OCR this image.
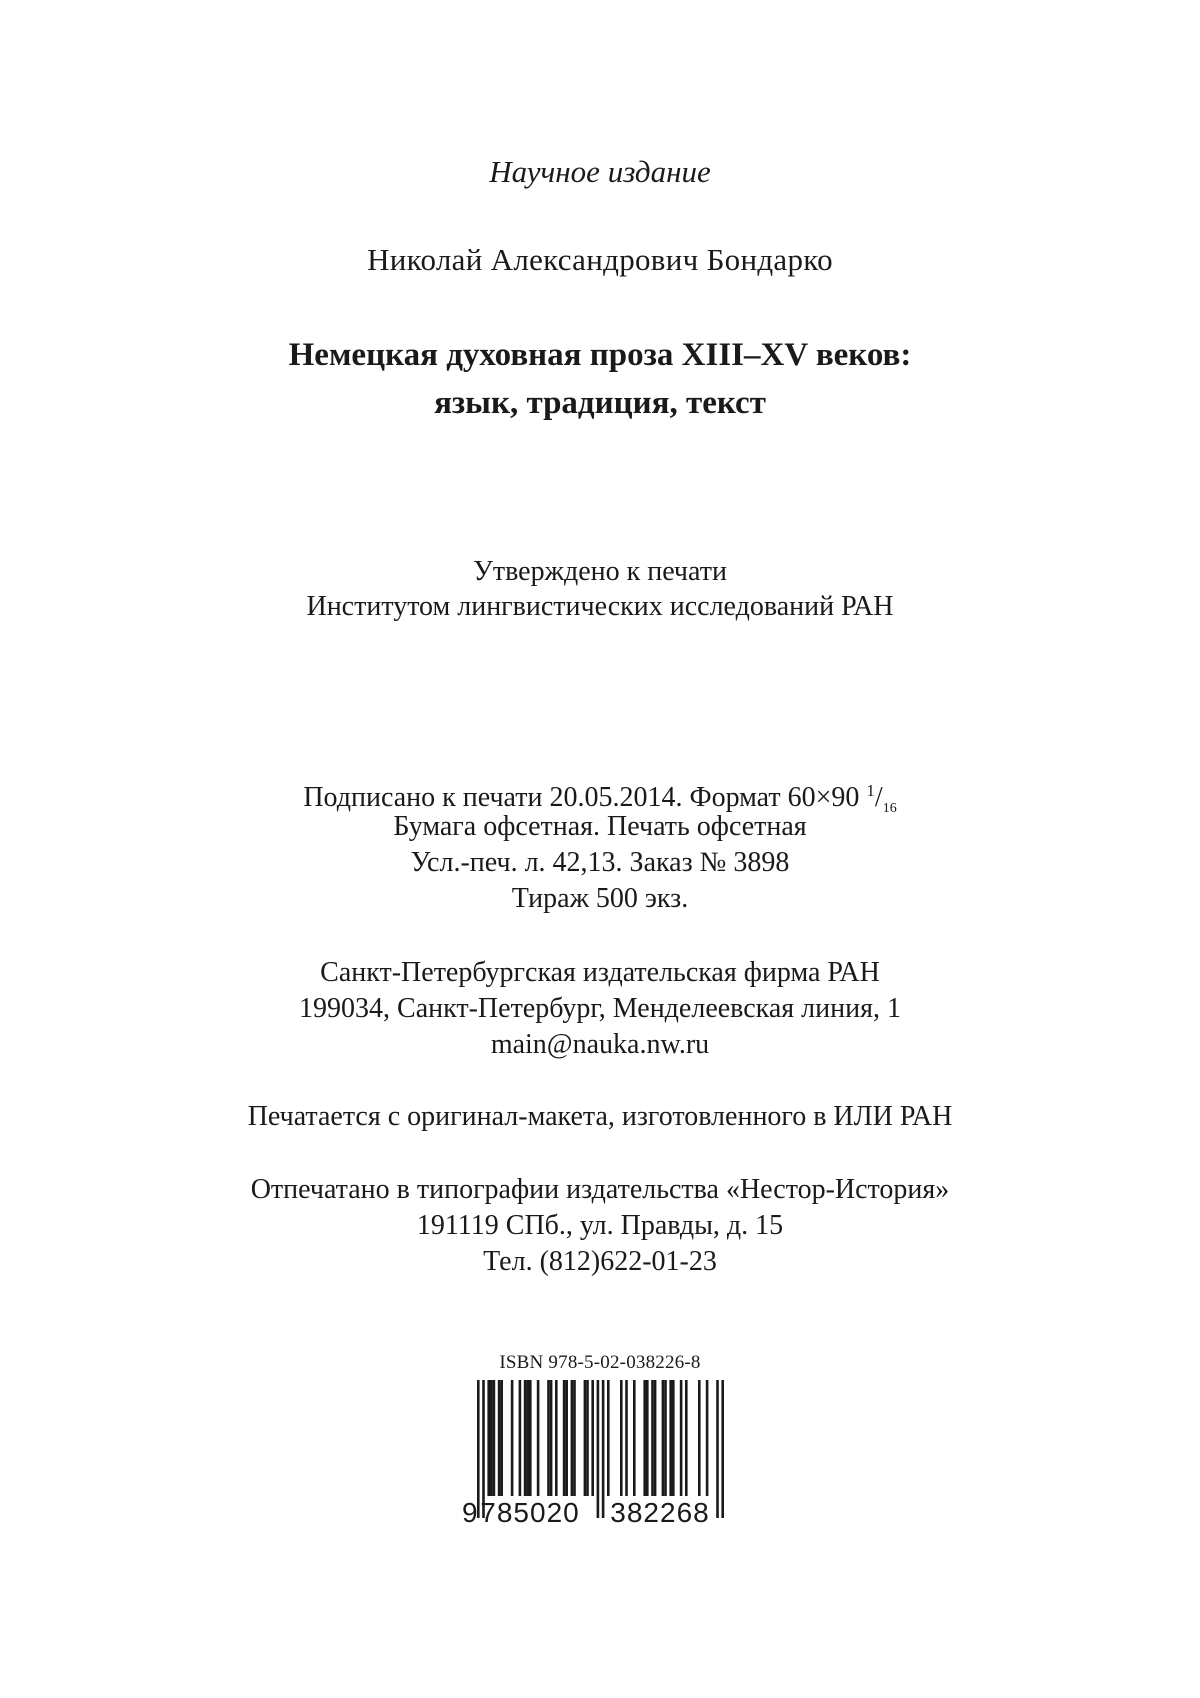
Научное издание
Николай Александрович Бондарко
Немецкая духовная проза XIII–XV веков:
язык, традиция, текст
Утверждено к печати
Институтом лингвистических исследований РАН
Подписано к печати 20.05.2014. Формат 60×90 $^1/_{16}$
Бумага офсетная. Печать офсетная
Усл.-печ. л. 42,13. Заказ № 3898
Тираж 500 экз.
Санкт-Петербургская издательская фирма РАН
199034, Санкт-Петербург, Менделеевская линия, 1
main@nauka.nw.ru
Печатается с оригинал-макета, изготовленного в ИЛИ РАН
Отпечатано в типографии издательства «Нестор-История»
191119 СПб., ул. Правды, д. 15
Тел. (812)622-01-23
ISBN 978-5-02-038226-8
9 785020 382268
